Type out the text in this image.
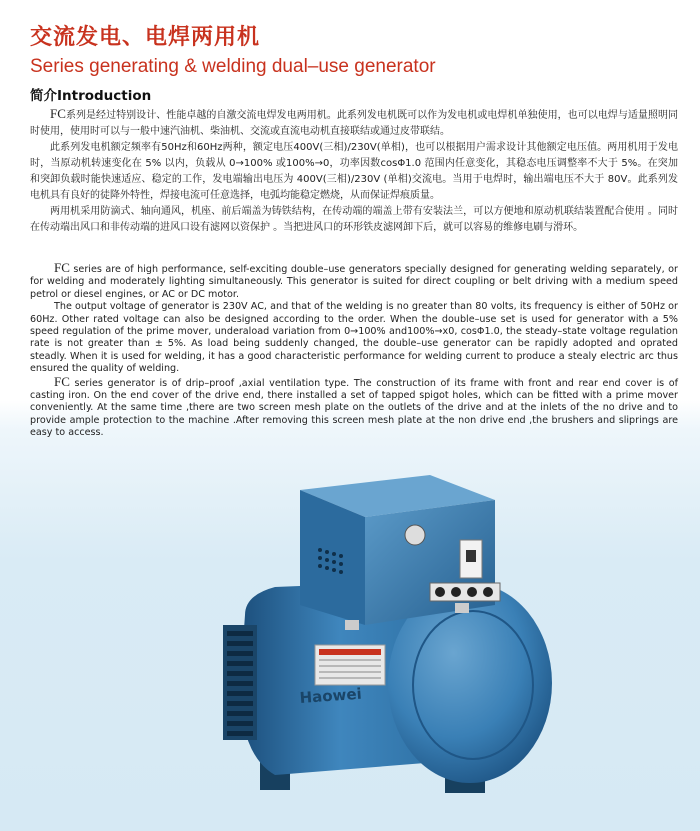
交流发电、电焊两用机
Series generating & welding dual–use generator
简介Introduction

FC系列是经过特别设计、性能卓越的自激交流电焊发电两用机。此系列发电机既可以作为发电机或电焊机单独使用，也可以电焊与适量照明同时使用，使用时可以与一般中速汽油机、柴油机、交流或直流电动机直接联结或通过皮带联结。

此系列发电机额定频率有50Hz和60Hz两种，额定电压400V(三相)/230V(单相)，也可以根据用户需求设计其他额定电压值。两用机用于发电时，当原动机转速变化在 5% 以内，负载从 0→100% 或100%→0，功率因数cosΦ1.0 范围内任意变化，其稳态电压调整率不大于 5%。在突加和突卸负载时能快速适应、稳定的工作，发电端输出电压为 400V(三相)/230V (单相)交流电。当用于电焊时，输出端电压不大于 80V。此系列发电机具有良好的徒降外特性，焊接电流可任意选择，电弧均能稳定燃烧，从而保证焊痕质量。

两用机采用防滴式、轴向通风，机座、前后端盖为铸铁结构，在传动端的端盖上带有安装法兰，可以方便地和原动机联结装置配合使用 。同时在传动端出风口和非传动端的进风口设有滤网以资保护 。当把进风口的环形铁皮滤网卸下后，就可以容易的维修电刷与滑环。

FC series are of high performance, self-exciting double–use generators specially designed for generating welding separately, or for welding and moderately lighting simultaneously. This generator is suited for direct coupling or belt driving with a medium speed petrol or diesel engines, or AC or DC motor.

The output voltage of generator is 230V AC, and that of the welding is no greater than 80 volts, its frequency is either of 50Hz or 60Hz. Other rated voltage can also be designed according to the order. When the double–use set is used for generator with a 5% speed regulation of the prime mover, underaload variation from 0→100% and100%→x0, cosΦ1.0, the steady–state voltage regulation rate is not greater than ± 5%. As load being suddenly changed, the double–use generator can be rapidly adopted and oprated steadly. When it is used for welding, it has a good characteristic performance for welding current to produce a stealy electric arc thus ensured the quality of welding.

FC series generator is of drip–proof ,axial ventilation type. The construction of its frame with front and rear end cover is of casting iron. On the end cover of the drive end, there installed a set of tapped spigot holes, which can be fitted with a prime mover conveniently. At the same time ,there are two screen mesh plate on the outlets of the drive and at the inlets of the no drive and to provide ample protection to the machine .After removing this screen mesh plate at the non drive end ,the brushers and sliprings are easy to access.

Haowei
